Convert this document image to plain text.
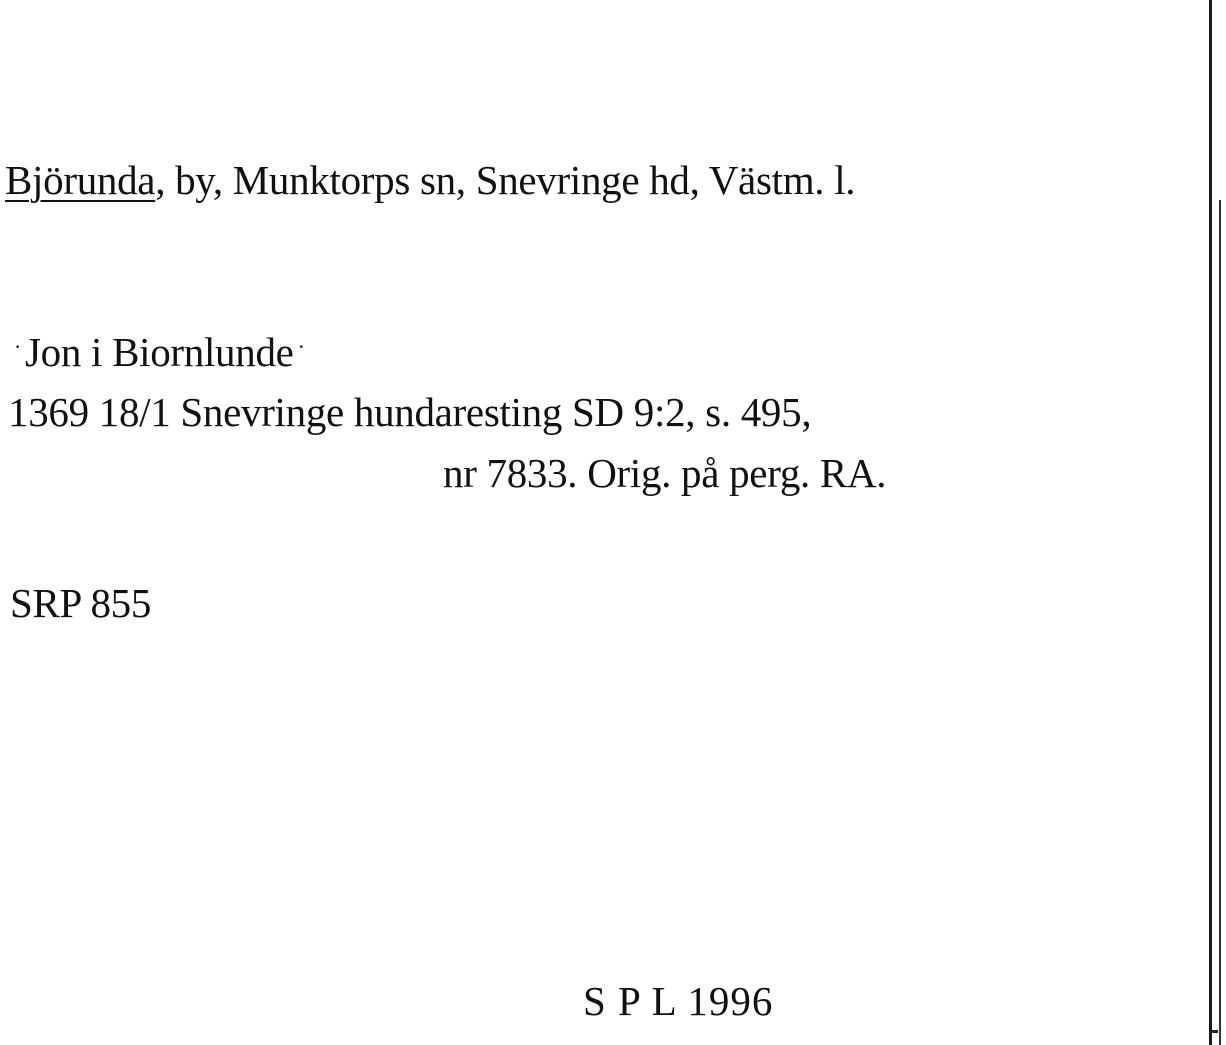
Björunda, by, Munktorps sn, Snevringe hd, Västm. l.
·Jon i Biornlunde ·
1369 18/1 Snevringe hundaresting SD 9:2, s. 495,
nr 7833. Orig. på perg. RA.
SRP 855
S P L 1996
